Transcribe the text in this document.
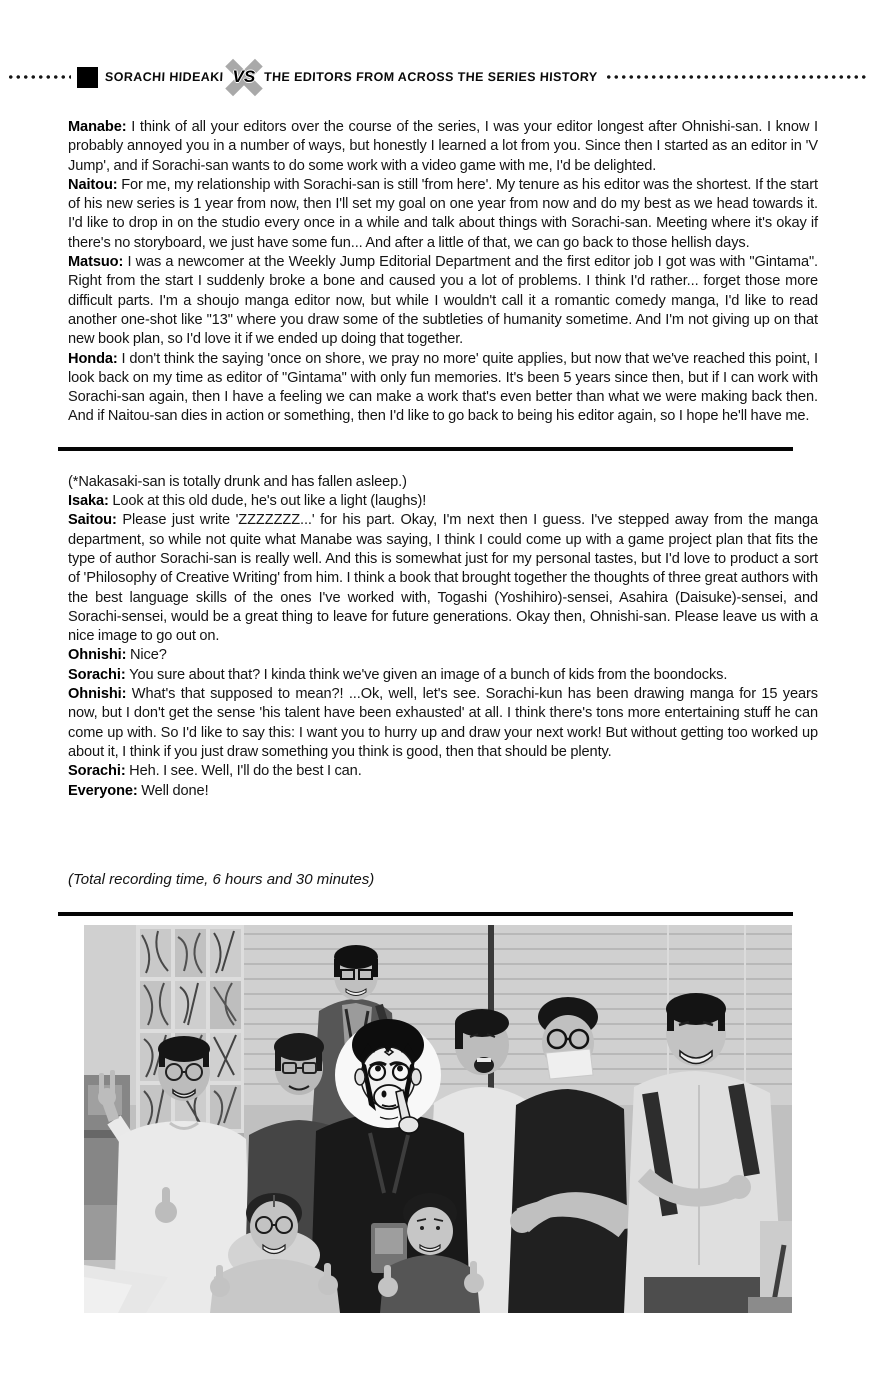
SORACHI HIDEAKI VS THE EDITORS FROM ACROSS THE SERIES HISTORY

Manabe: I think of all your editors over the course of the series, I was your editor longest after Ohnishi-san. I know I probably annoyed you in a number of ways, but honestly I learned a lot from you. Since then I started as an editor in 'V Jump', and if Sorachi-san wants to do some work with a video game with me, I'd be delighted.

Naitou: For me, my relationship with Sorachi-san is still 'from here'. My tenure as his editor was the shortest. If the start of his new series is 1 year from now, then I'll set my goal on one year from now and do my best as we head towards it. I'd like to drop in on the studio every once in a while and talk about things with Sorachi-san. Meeting where it's okay if there's no storyboard, we just have some fun... And after a little of that, we can go back to those hellish days.

Matsuo: I was a newcomer at the Weekly Jump Editorial Department and the first editor job I got was with "Gintama". Right from the start I suddenly broke a bone and caused you a lot of problems. I think I'd rather... forget those more difficult parts. I'm a shoujo manga editor now, but while I wouldn't call it a romantic comedy manga, I'd like to read another one-shot like "13" where you draw some of the subtleties of humanity sometime. And I'm not giving up on that new book plan, so I'd love it if we ended up doing that together.

Honda: I don't think the saying 'once on shore, we pray no more' quite applies, but now that we've reached this point, I look back on my time as editor of "Gintama" with only fun memories. It's been 5 years since then, but if I can work with Sorachi-san again, then I have a feeling we can make a work that's even better than what we were making back then. And if Naitou-san dies in action or something, then I'd like to go back to being his editor again, so I hope he'll have me.

(*Nakasaki-san is totally drunk and has fallen asleep.)

Isaka: Look at this old dude, he's out like a light (laughs)!

Saitou: Please just write 'ZZZZZZZ...' for his part. Okay, I'm next then I guess. I've stepped away from the manga department, so while not quite what Manabe was saying, I think I could come up with a game project plan that fits the type of author Sorachi-san is really well. And this is somewhat just for my personal tastes, but I'd love to product a sort of 'Philosophy of Creative Writing' from him. I think a book that brought together the thoughts of three great authors with the best language skills of the ones I've worked with, Togashi (Yoshihiro)-sensei, Asahira (Daisuke)-sensei, and Sorachi-sensei, would be a great thing to leave for future generations. Okay then, Ohnishi-san. Please leave us with a nice image to go out on.

Ohnishi: Nice?

Sorachi: You sure about that? I kinda think we've given an image of a bunch of kids from the boondocks.

Ohnishi: What's that supposed to mean?! ...Ok, well, let's see. Sorachi-kun has been drawing manga for 15 years now, but I don't get the sense 'his talent have been exhausted' at all. I think there's tons more entertaining stuff he can come up with. So I'd like to say this: I want you to hurry up and draw your next work! But without getting too worked up about it, I think if you just draw something you think is good, then that should be plenty.

Sorachi: Heh. I see. Well, I'll do the best I can.

Everyone: Well done!

(Total recording time, 6 hours and 30 minutes)
